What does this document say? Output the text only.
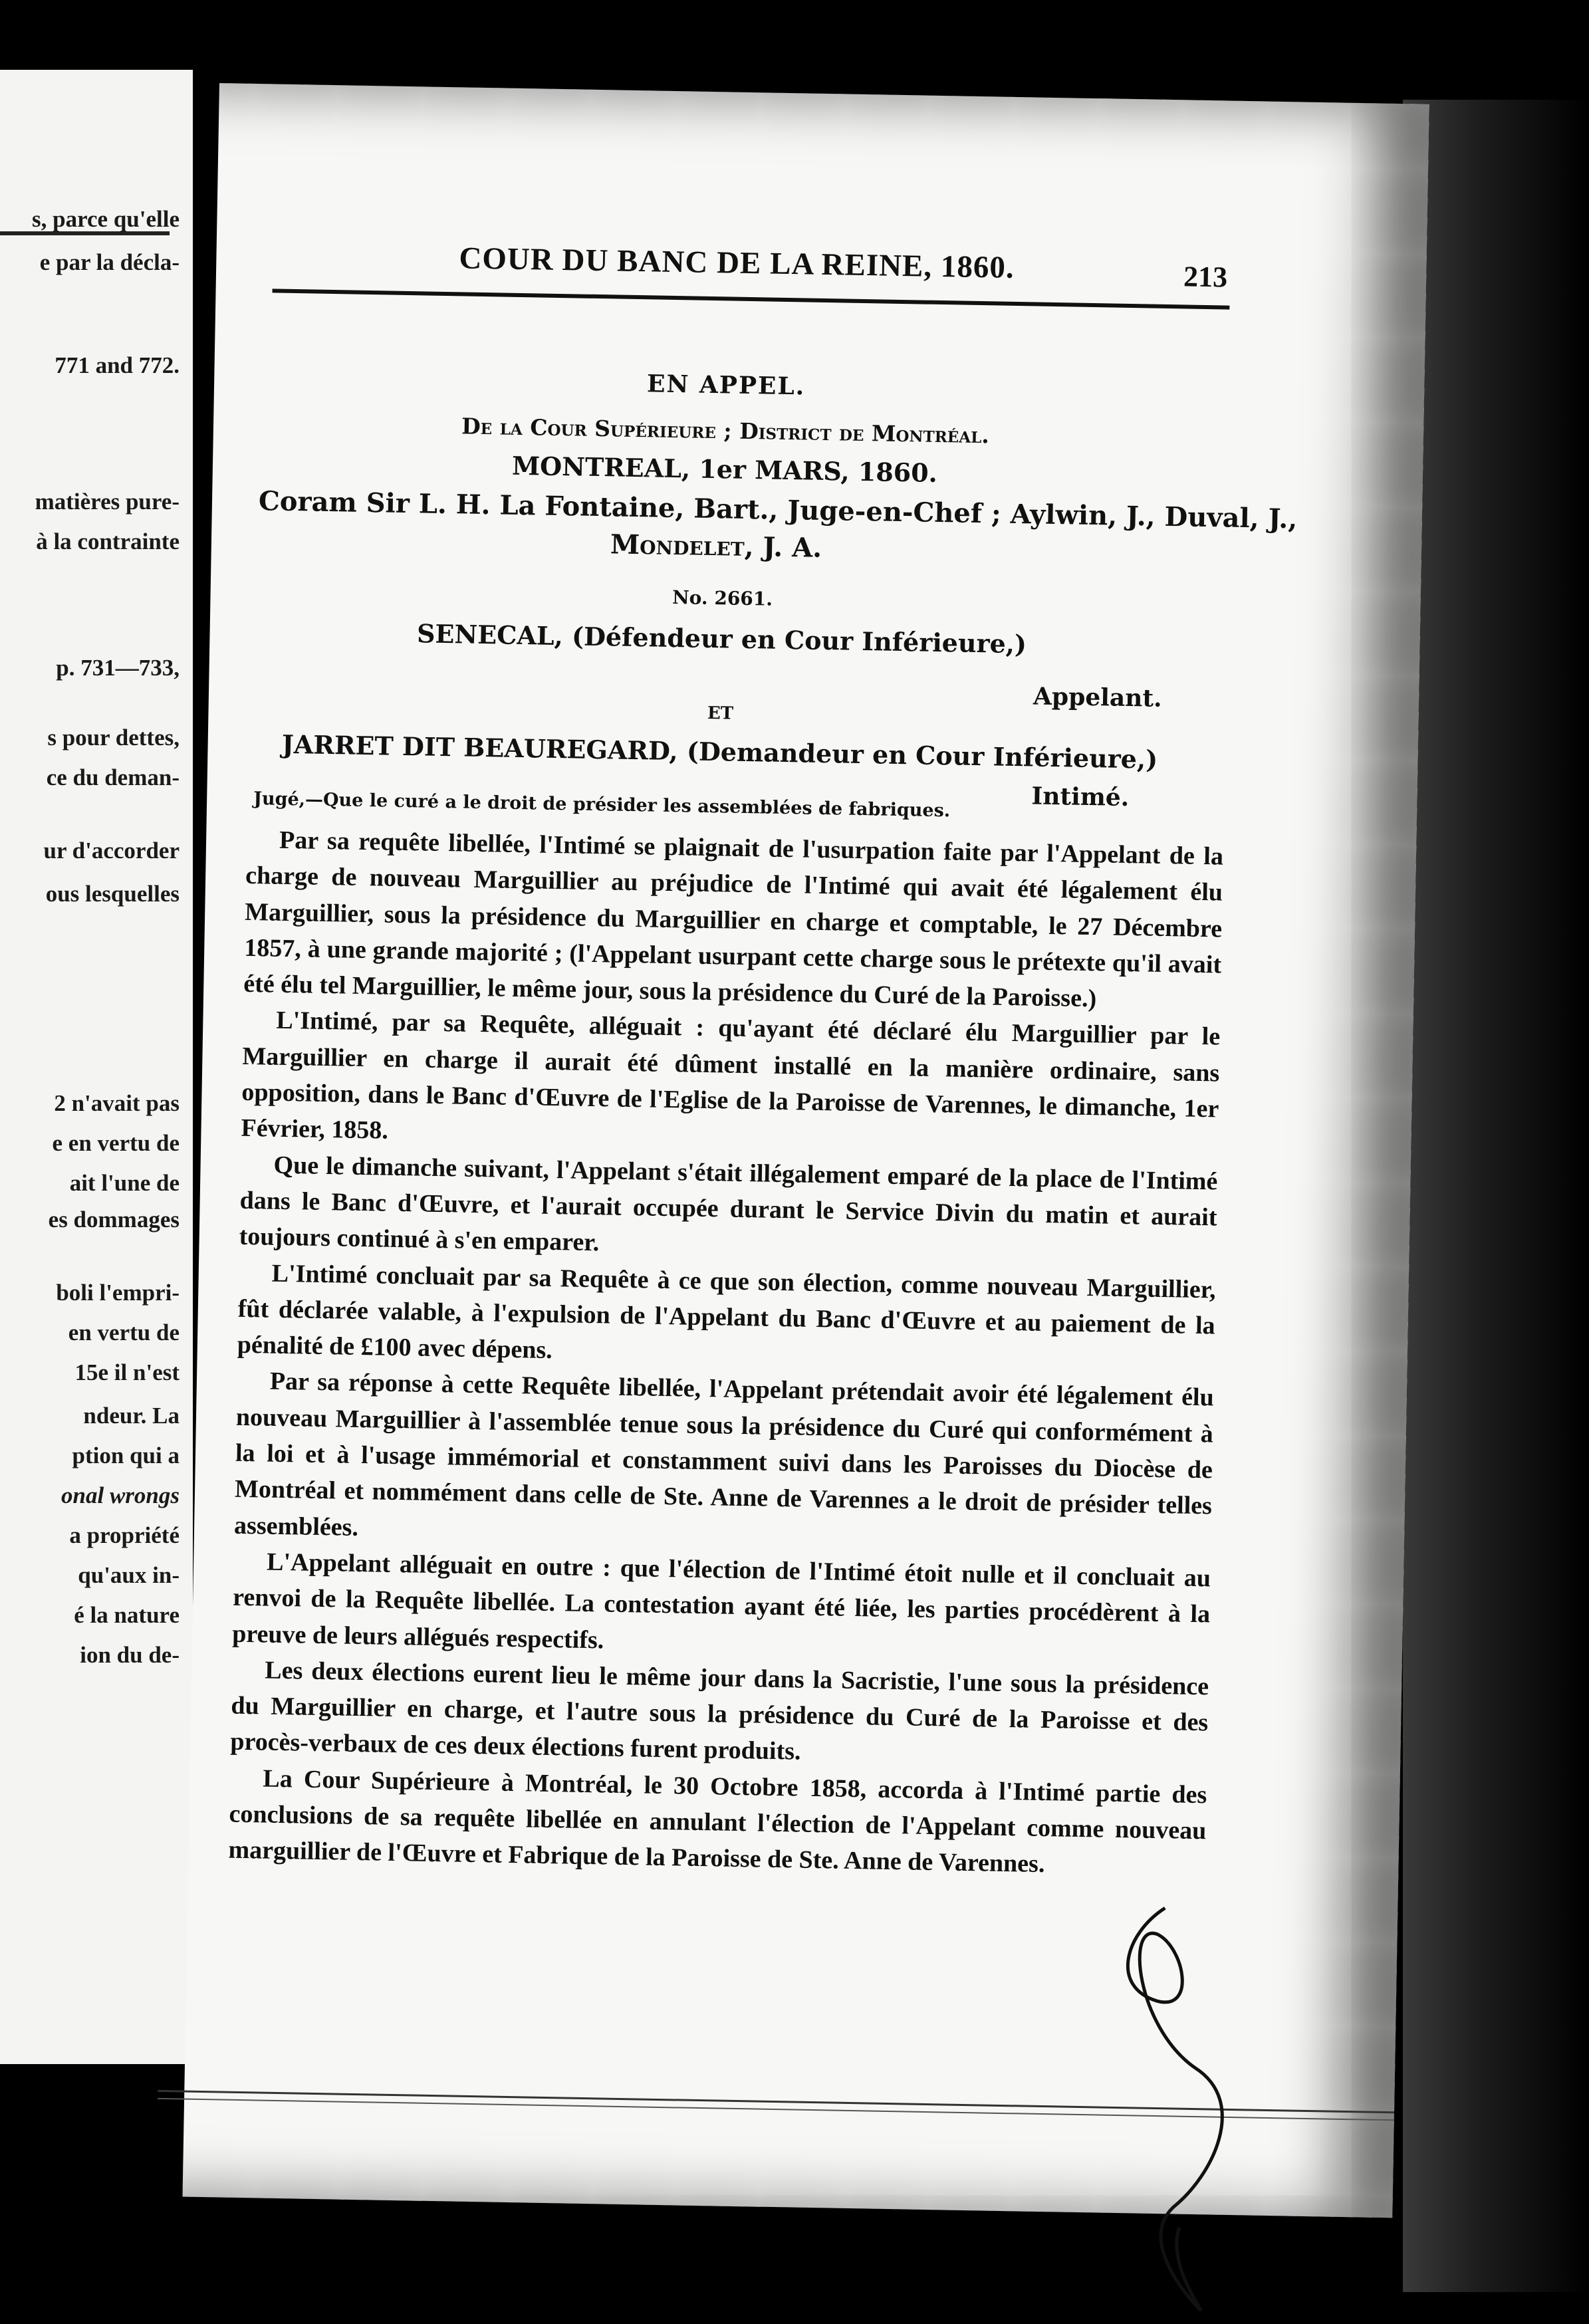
s, parce qu'elle
e par la décla-
771 and 772.
matières pure-
à la contrainte
p. 731—733,
s pour dettes,
ce du deman-
ur d'accorder
ous lesquelles
2 n'avait pas
e en vertu de
ait l'une de
es dommages
boli l'empri-
en vertu de
15e il n'est
ndeur. La
ption qui a
onal wrongs
a propriété
qu'aux in-
é la nature
ion du de-
COUR DU BANC DE LA REINE, 1860.	213
EN APPEL.
De la Cour Supérieure ; District de Montréal.
MONTREAL, 1er MARS, 1860.
Coram Sir L. H. La Fontaine, Bart., Juge-en-Chef ; Aylwin, J., Duval, J.,
Mondelet, J. A.
No. 2661.
SENECAL, (Défendeur en Cour Inférieure,)
Appelant.
ET
JARRET DIT BEAUREGARD, (Demandeur en Cour Inférieure,)
Intimé.
Jugé,—Que le curé a le droit de présider les assemblées de fabriques.

Par sa requête libellée, l'Intimé se plaignait de l'usurpation faite par l'Appelant de la charge de nouveau Marguillier au préjudice de l'Intimé qui avait été légalement élu Marguillier, sous la présidence du Marguillier en charge et comptable, le 27 Décembre 1857, à une grande majorité ; (l'Appelant usurpant cette charge sous le prétexte qu'il avait été élu tel Marguillier, le même jour, sous la présidence du Curé de la Paroisse.)

L'Intimé, par sa Requête, alléguait : qu'ayant été déclaré élu Marguillier par le Marguillier en charge il aurait été dûment installé en la manière ordinaire, sans opposition, dans le Banc d'Œuvre de l'Eglise de la Paroisse de Varennes, le dimanche, 1er Février, 1858.

Que le dimanche suivant, l'Appelant s'était illégalement emparé de la place de l'Intimé dans le Banc d'Œuvre, et l'aurait occupée durant le Service Divin du matin et aurait toujours continué à s'en emparer.

L'Intimé concluait par sa Requête à ce que son élection, comme nouveau Marguillier, fût déclarée valable, à l'expulsion de l'Appelant du Banc d'Œuvre et au paiement de la pénalité de £100 avec dépens.

Par sa réponse à cette Requête libellée, l'Appelant prétendait avoir été légalement élu nouveau Marguillier à l'assemblée tenue sous la présidence du Curé qui conformément à la loi et à l'usage immémorial et constamment suivi dans les Paroisses du Diocèse de Montréal et nommément dans celle de Ste. Anne de Varennes a le droit de présider telles assemblées.

L'Appelant alléguait en outre : que l'élection de l'Intimé étoit nulle et il concluait au renvoi de la Requête libellée. La contestation ayant été liée, les parties procédèrent à la preuve de leurs allégués respectifs.

Les deux élections eurent lieu le même jour dans la Sacristie, l'une sous la présidence du Marguillier en charge, et l'autre sous la présidence du Curé de la Paroisse et des procès-verbaux de ces deux élections furent produits.

La Cour Supérieure à Montréal, le 30 Octobre 1858, accorda à l'Intimé partie des conclusions de sa requête libellée en annulant l'élection de l'Appelant comme nouveau marguillier de l'Œuvre et Fabrique de la Paroisse de Ste. Anne de Varennes.
